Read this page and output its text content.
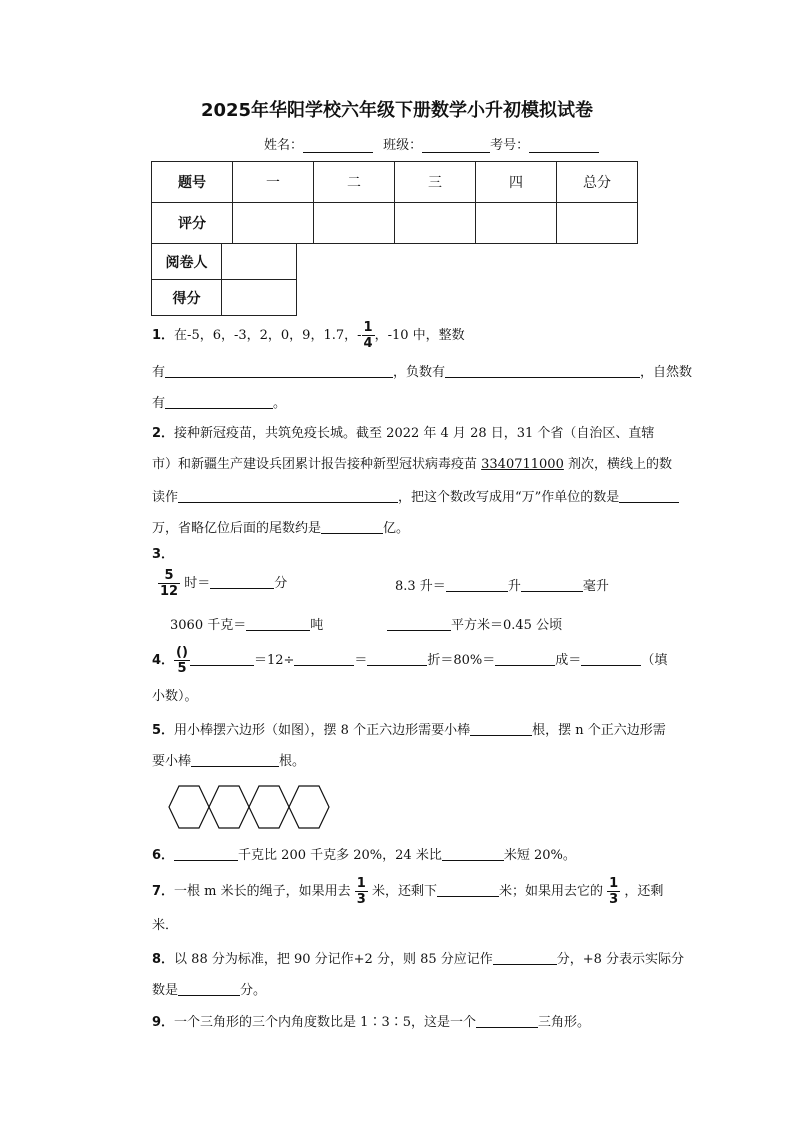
2025年华阳学校六年级下册数学小升初模拟试卷
姓名：	班级：	考号：
题号	一	二	三	四	总分
评分					
阅卷人	
得分	
1．在-5，6，-3，2，0，9，1.7，- $\frac{1}{4}$ ，-10 中，整数
有	，负数有	，自然数
有	。
2．接种新冠疫苗，共筑免疫长城。截至 2022 年 4 月 28 日，31 个省（自治区、直辖
市）和新疆生产建设兵团累计报告接种新型冠状病毒疫苗 3340711000 剂次，横线上的数
读作	，把这个数改写成用“万”作单位的数是
万，省略亿位后面的尾数约是	亿。
3．
$\frac{5}{12}$ 时＝	分	8.3 升＝	升	毫升
3060 千克＝	吨	平方米＝0.45 公顷
4． $\frac{()}{5}$	＝12÷	＝	折＝80%＝	成＝	（填
小数）。
5．用小棒摆六边形（如图），摆 8 个正六边形需要小棒	根，摆 n 个正六边形需
要小棒	根。
6．	千克比 200 千克多 20%，24 米比	米短 20%。
7．一根 m 米长的绳子，如果用去 $\frac{1}{3}$ 米，还剩下	米；如果用去它的 $\frac{1}{3}$ ，还剩
米．
8．以 88 分为标准，把 90 分记作+2 分，则 85 分应记作	分，+8 分表示实际分
数是	分。
9．一个三角形的三个内角度数比是 1∶3∶5，这是一个	三角形。
